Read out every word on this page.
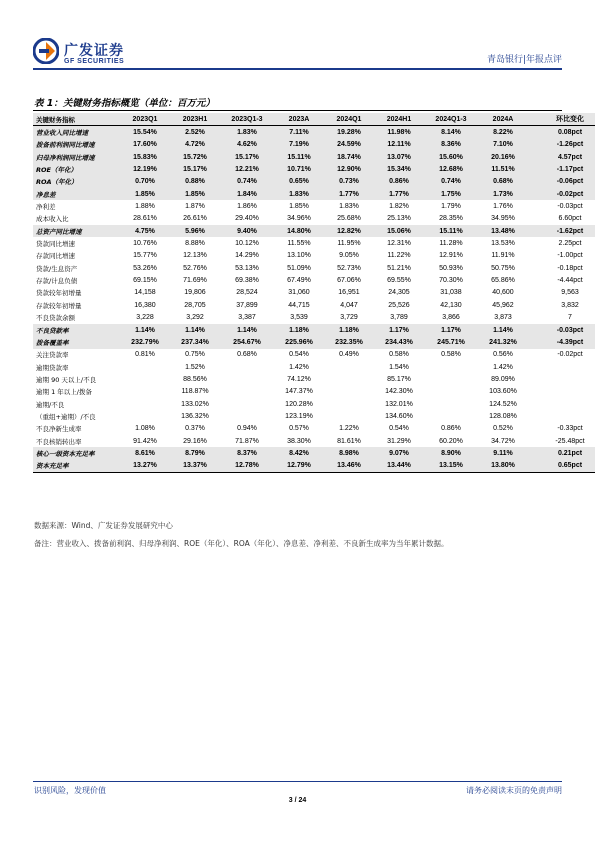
广发证券
GF SECURITIES	青岛银行|年报点评
表 1：关键财务指标概览（单位：百万元）
关键财务指标	2023Q1	2023H1	2023Q1-3	2023A	2024Q1	2024H1	2024Q1-3	2024A	环比变化
营业收入同比增速	15.54%	2.52%	1.83%	7.11%	19.28%	11.98%	8.14%	8.22%	0.08pct
拨备前利润同比增速	17.60%	4.72%	4.62%	7.19%	24.59%	12.11%	8.36%	7.10%	-1.26pct
归母净利润同比增速	15.83%	15.72%	15.17%	15.11%	18.74%	13.07%	15.60%	20.16%	4.57pct
ROE（年化）	12.19%	15.17%	12.21%	10.71%	12.90%	15.34%	12.68%	11.51%	-1.17pct
ROA（年化）	0.70%	0.88%	0.74%	0.65%	0.73%	0.86%	0.74%	0.68%	-0.06pct
净息差	1.85%	1.85%	1.84%	1.83%	1.77%	1.77%	1.75%	1.73%	-0.02pct
净利差	1.88%	1.87%	1.86%	1.85%	1.83%	1.82%	1.79%	1.76%	-0.03pct
成本收入比	28.61%	26.61%	29.40%	34.96%	25.68%	25.13%	28.35%	34.95%	6.60pct
总资产同比增速	4.75%	5.96%	9.40%	14.80%	12.82%	15.06%	15.11%	13.48%	-1.62pct
贷款同比增速	10.76%	8.88%	10.12%	11.55%	11.95%	12.31%	11.28%	13.53%	2.25pct
存款同比增速	15.77%	12.13%	14.29%	13.10%	9.05%	11.22%	12.91%	11.91%	-1.00pct
贷款/生息资产	53.26%	52.76%	53.13%	51.09%	52.73%	51.21%	50.93%	50.75%	-0.18pct
存款/计息负债	69.15%	71.69%	69.38%	67.49%	67.06%	69.55%	70.30%	65.86%	-4.44pct
贷款较年初增量	14,158	19,806	28,524	31,060	16,951	24,305	31,038	40,600	9,563
存款较年初增量	16,380	28,705	37,899	44,715	4,047	25,526	42,130	45,962	3,832
不良贷款余额	3,228	3,292	3,387	3,539	3,729	3,789	3,866	3,873	7
不良贷款率	1.14%	1.14%	1.14%	1.18%	1.18%	1.17%	1.17%	1.14%	-0.03pct
拨备覆盖率	232.79%	237.34%	254.67%	225.96%	232.35%	234.43%	245.71%	241.32%	-4.39pct
关注贷款率	0.81%	0.75%	0.68%	0.54%	0.49%	0.58%	0.58%	0.56%	-0.02pct
逾期贷款率		1.52%		1.42%		1.54%		1.42%	
逾期 90 天以上/不良		88.56%		74.12%		85.17%		89.09%	
逾期 1 年以上/拨备		118.87%		147.37%		142.30%		103.60%	
逾期/不良		133.02%		120.28%		132.01%		124.52%	
（重组+逾期）/不良		136.32%		123.19%		134.60%		128.08%	
不良净新生成率	1.08%	0.37%	0.94%	0.57%	1.22%	0.54%	0.86%	0.52%	-0.33pct
不良核销转出率	91.42%	29.16%	71.87%	38.30%	81.61%	31.29%	60.20%	34.72%	-25.48pct
核心一级资本充足率	8.61%	8.79%	8.37%	8.42%	8.98%	9.07%	8.90%	9.11%	0.21pct
资本充足率	13.27%	13.37%	12.78%	12.79%	13.46%	13.44%	13.15%	13.80%	0.65pct
数据来源：Wind、广发证券发展研究中心
备注：营业收入、拨备前利润、归母净利润、ROE（年化）、ROA（年化）、净息差、净利差、不良新生成率为当年累计数据。
识别风险，发现价值	请务必阅读末页的免责声明
3 / 24
